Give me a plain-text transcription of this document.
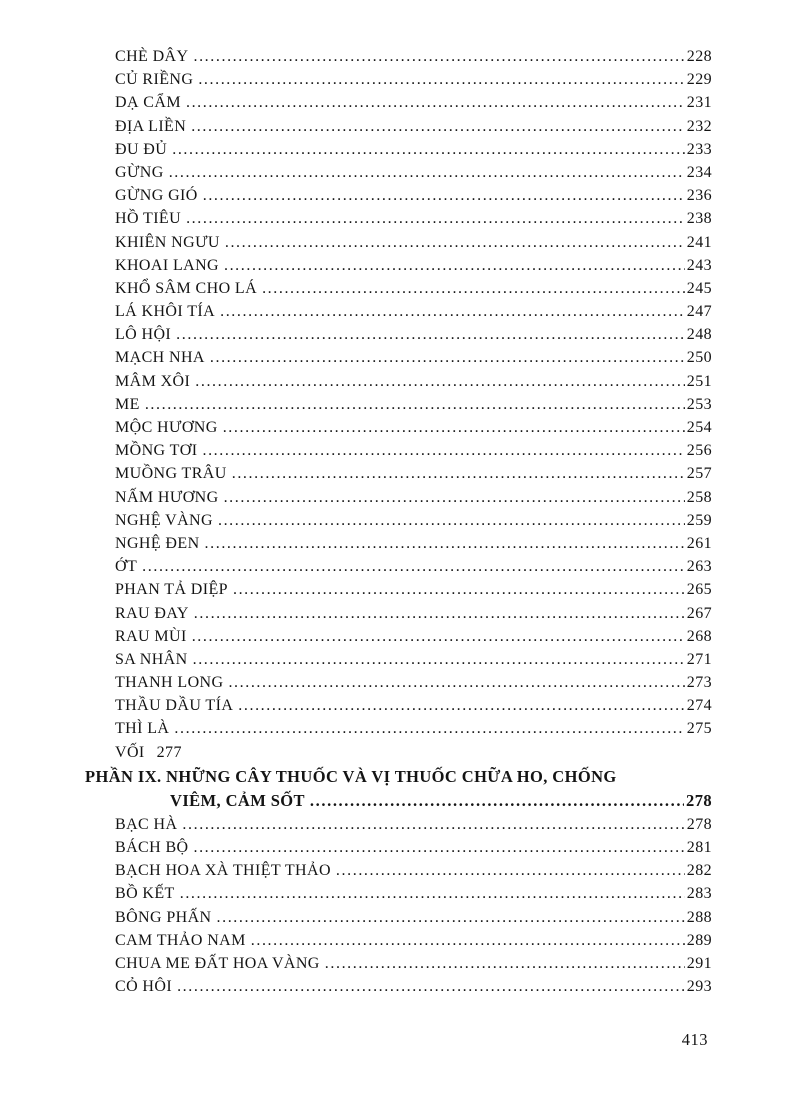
CHÈ DÂY .....	228
CỦ RIỀNG .....	229
DẠ CẨM .....	231
ĐỊA LIỀN .....	232
ĐU ĐỦ .....	233
GỪNG .....	234
GỪNG GIÓ .....	236
HỒ TIÊU .....	238
KHIÊN NGƯU .....	241
KHOAI LANG .....	243
KHỔ SÂM CHO LÁ .....	245
LÁ KHÔI TÍA .....	247
LÔ HỘI .....	248
MẠCH NHA .....	250
MÂM XÔI .....	251
ME .....	253
MỘC HƯƠNG .....	254
MỒNG TƠI .....	256
MUỒNG TRÂU .....	257
NẤM HƯƠNG .....	258
NGHỆ VÀNG .....	259
NGHỆ ĐEN .....	261
ỚT .....	263
PHAN TẢ DIỆP .....	265
RAU ĐAY .....	267
RAU MÙI .....	268
SA NHÂN .....	271
THANH LONG .....	273
THẦU DẦU TÍA .....	274
THÌ LÀ .....	275
VỐI 277
PHẦN IX. NHỮNG CÂY THUỐC VÀ VỊ THUỐC CHỮA HO, CHỐNG
VIÊM, CẢM SỐT .....	278
BẠC HÀ .....	278
BÁCH BỘ .....	281
BẠCH HOA XÀ THIỆT THẢO .....	282
BỒ KẾT .....	283
BÔNG PHẤN .....	288
CAM THẢO NAM .....	289
CHUA ME ĐẤT HOA VÀNG .....	291
CỎ HÔI .....	293
413
